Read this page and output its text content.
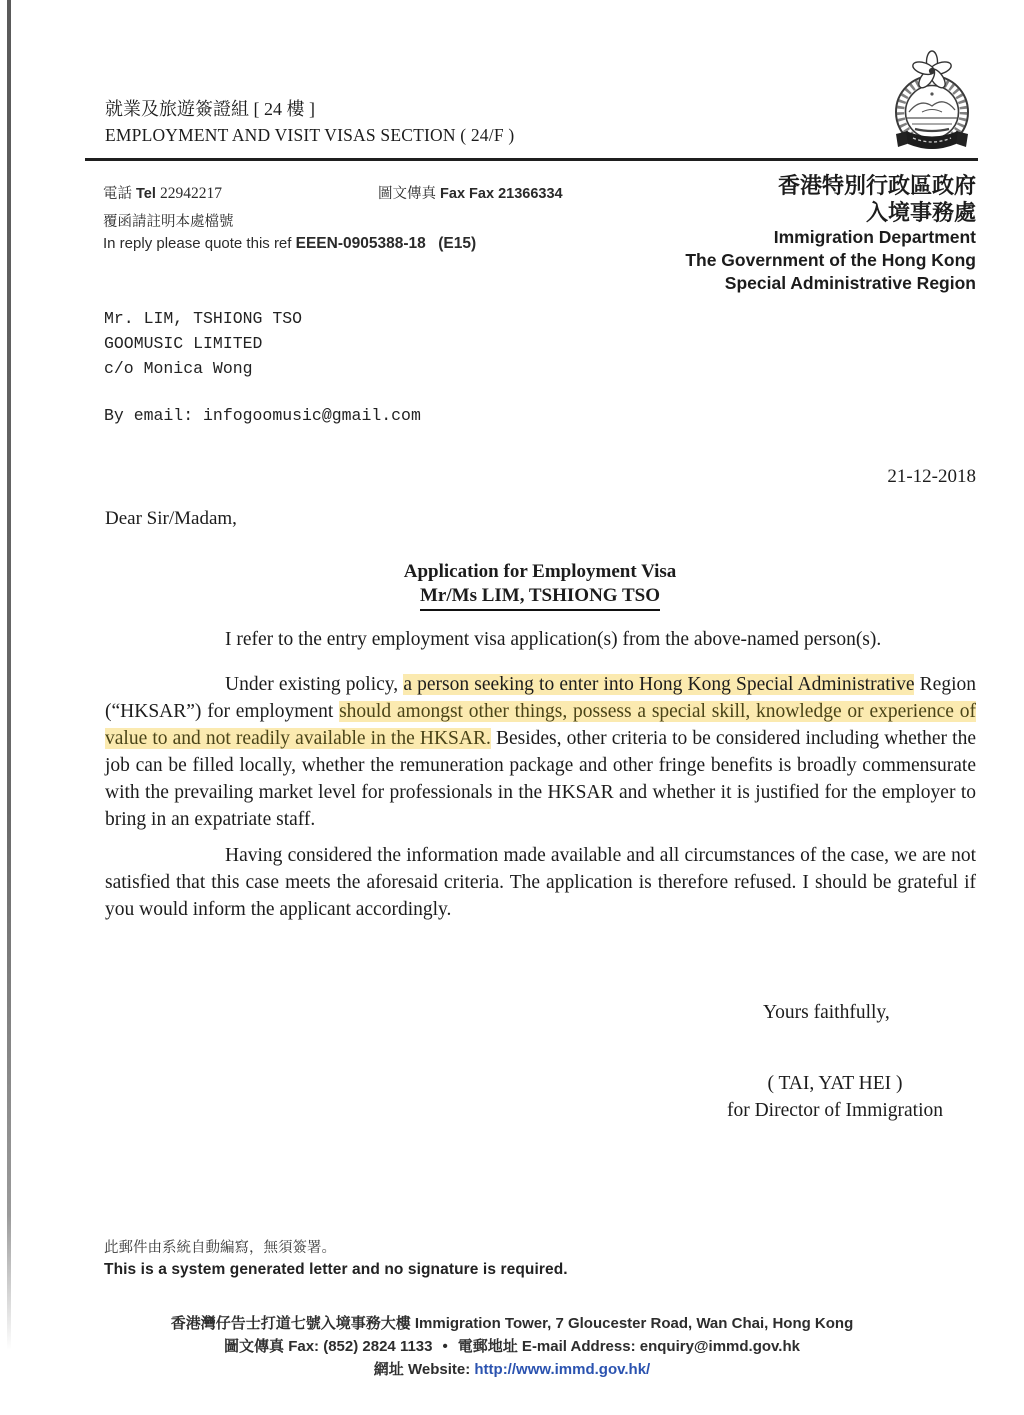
就業及旅遊簽證組 [ 24 樓 ]
EMPLOYMENT AND VISIT VISAS SECTION ( 24/F )
香港特別行政區政府
入境事務處
Immigration Department
The Government of the Hong Kong
Special Administrative Region
電話 Tel 22942217	圖文傳真 Fax Fax 21366334
覆函請註明本處檔號
In reply please quote this ref EEEN-0905388-18 (E15)
Mr. LIM, TSHIONG TSO
GOOMUSIC LIMITED
c/o Monica Wong
By email: infogoomusic@gmail.com
21-12-2018
Dear Sir/Madam,
Application for Employment Visa
Mr/Ms LIM, TSHIONG TSO
I refer to the entry employment visa application(s) from the above-named person(s).
Under existing policy, a person seeking to enter into Hong Kong Special Administrative Region (“HKSAR”) for employment should amongst other things, possess a special skill, knowledge or experience of value to and not readily available in the HKSAR. Besides, other criteria to be considered including whether the job can be filled locally, whether the remuneration package and other fringe benefits is broadly commensurate with the prevailing market level for professionals in the HKSAR and whether it is justified for the employer to bring in an expatriate staff.
Having considered the information made available and all circumstances of the case, we are not satisfied that this case meets the aforesaid criteria. The application is therefore refused. I should be grateful if you would inform the applicant accordingly.
Yours faithfully,
( TAI, YAT HEI )
for Director of Immigration
此郵件由系統自動編寫，無須簽署。
This is a system generated letter and no signature is required.
香港灣仔告士打道七號入境事務大樓 Immigration Tower, 7 Gloucester Road, Wan Chai, Hong Kong
圖文傳真 Fax: (852) 2824 1133 • 電郵地址 E-mail Address: enquiry@immd.gov.hk
網址 Website: http://www.immd.gov.hk/
